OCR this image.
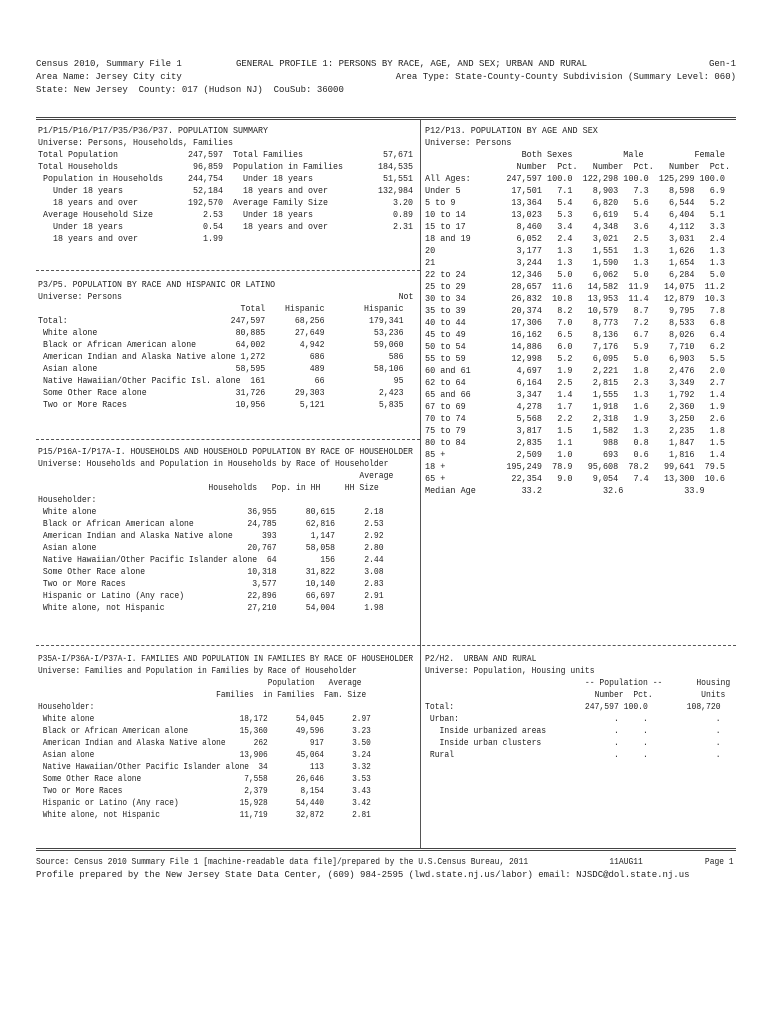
Census 2010, Summary File 1	GENERAL PROFILE 1: PERSONS BY RACE, AGE, AND SEX; URBAN AND RURAL	Gen-1
Area Name: Jersey City city	Area Type: State-County-County Subdivision (Summary Level: 060)
State: New Jersey  County: 017 (Hudson NJ)  CouSub: 36000
P1/P15/P16/P17/P35/P36/P37. POPULATION SUMMARY
Universe: Persons, Households, Families
Total Population              247,597  Total Families                57,671
Total Households               96,859  Population in Families       184,535
Population in Households     244,754    Under 18 years              51,551
Under 18 years              52,184    18 years and over          132,984
18 years and over          192,570  Average Family Size             3.20
Average Household Size          2.53    Under 18 years                0.89
Under 18 years                0.54    18 years and over             2.31
18 years and over             1.99
P3/P5. POPULATION BY RACE AND HISPANIC OR LATINO
Universe: Persons                                                        Not
Total    Hispanic        Hispanic
Total:                                 247,597      68,256         179,341
White alone                            80,885      27,649          53,236
Black or African American alone        64,002       4,942          59,060
American Indian and Alaska Native alone 1,272         686             586
Asian alone                            58,595         489          58,106
Native Hawaiian/Other Pacific Isl. alone  161          66              95
Some Other Race alone                  31,726      29,303           2,423
Two or More Races                      10,956       5,121           5,835
P15/P16A-I/P17A-I. HOUSEHOLDS AND HOUSEHOLD POPULATION BY RACE OF HOUSEHOLDER
Universe: Households and Population in Households by Race of Householder
Average
Households   Pop. in HH     HH Size
Householder:
White alone                               36,955      80,615      2.18
Black or African American alone           24,785      62,816      2.53
American Indian and Alaska Native alone      393       1,147      2.92
Asian alone                               20,767      58,058      2.80
Native Hawaiian/Other Pacific Islander alone  64         156      2.44
Some Other Race alone                     10,318      31,822      3.08
Two or More Races                          3,577      10,140      2.83
Hispanic or Latino (Any race)             22,896      66,697      2.91
White alone, not Hispanic                 27,210      54,004      1.98
P35A-I/P36A-I/P37A-I. FAMILIES AND POPULATION IN FAMILIES BY RACE OF HOUSEHOLDER
Universe: Families and Population in Families by Race of Householder
Population   Average
Families  in Families  Fam. Size
Householder:
White alone                               18,172      54,045      2.97
Black or African American alone           15,360      49,596      3.23
American Indian and Alaska Native alone      262         917      3.50
Asian alone                               13,906      45,064      3.24
Native Hawaiian/Other Pacific Islander alone  34         113      3.32
Some Other Race alone                      7,558      26,646      3.53
Two or More Races                          2,379       8,154      3.43
Hispanic or Latino (Any race)             15,928      54,440      3.42
White alone, not Hispanic                 11,719      32,872      2.81
P12/P13. POPULATION BY AGE AND SEX
Universe: Persons
Both Sexes          Male          Female
Number  Pct.   Number  Pct.   Number  Pct.
All Ages:       247,597 100.0  122,298 100.0  125,299 100.0
Under 5          17,501   7.1    8,903   7.3    8,598   6.9
5 to 9           13,364   5.4    6,820   5.6    6,544   5.2
10 to 14         13,023   5.3    6,619   5.4    6,404   5.1
15 to 17          8,460   3.4    4,348   3.6    4,112   3.3
18 and 19         6,052   2.4    3,021   2.5    3,031   2.4
20                3,177   1.3    1,551   1.3    1,626   1.3
21                3,244   1.3    1,590   1.3    1,654   1.3
22 to 24         12,346   5.0    6,062   5.0    6,284   5.0
25 to 29         28,657  11.6   14,582  11.9   14,075  11.2
30 to 34         26,832  10.8   13,953  11.4   12,879  10.3
35 to 39         20,374   8.2   10,579   8.7    9,795   7.8
40 to 44         17,306   7.0    8,773   7.2    8,533   6.8
45 to 49         16,162   6.5    8,136   6.7    8,026   6.4
50 to 54         14,886   6.0    7,176   5.9    7,710   6.2
55 to 59         12,998   5.2    6,095   5.0    6,903   5.5
60 and 61         4,697   1.9    2,221   1.8    2,476   2.0
62 to 64          6,164   2.5    2,815   2.3    3,349   2.7
65 and 66         3,347   1.4    1,555   1.3    1,792   1.4
67 to 69          4,278   1.7    1,918   1.6    2,360   1.9
70 to 74          5,568   2.2    2,318   1.9    3,250   2.6
75 to 79          3,817   1.5    1,582   1.3    2,235   1.8
80 to 84          2,835   1.1      988   0.8    1,847   1.5
85 +              2,509   1.0      693   0.6    1,816   1.4
18 +            195,249  78.9   95,608  78.2   99,641  79.5
65 +             22,354   9.0    9,054   7.4   13,300  10.6
Median Age         33.2            32.6            33.9
P2/H2.  URBAN AND RURAL
Universe: Population, Housing units
-- Population --       Housing
Number  Pct.          Units
Total:                           247,597 100.0        108,720
Urban:                                .     .              .
Inside urbanized areas              .     .              .
Inside urban clusters               .     .              .
Rural                                 .     .              .
Source: Census 2010 Summary File 1 [machine-readable data file]/prepared by the U.S.Census Bureau, 2011                 11AUG11             Page 1
Profile prepared by the New Jersey State Data Center, (609) 984-2595 (lwd.state.nj.us/labor) email: NJSDC@dol.state.nj.us
